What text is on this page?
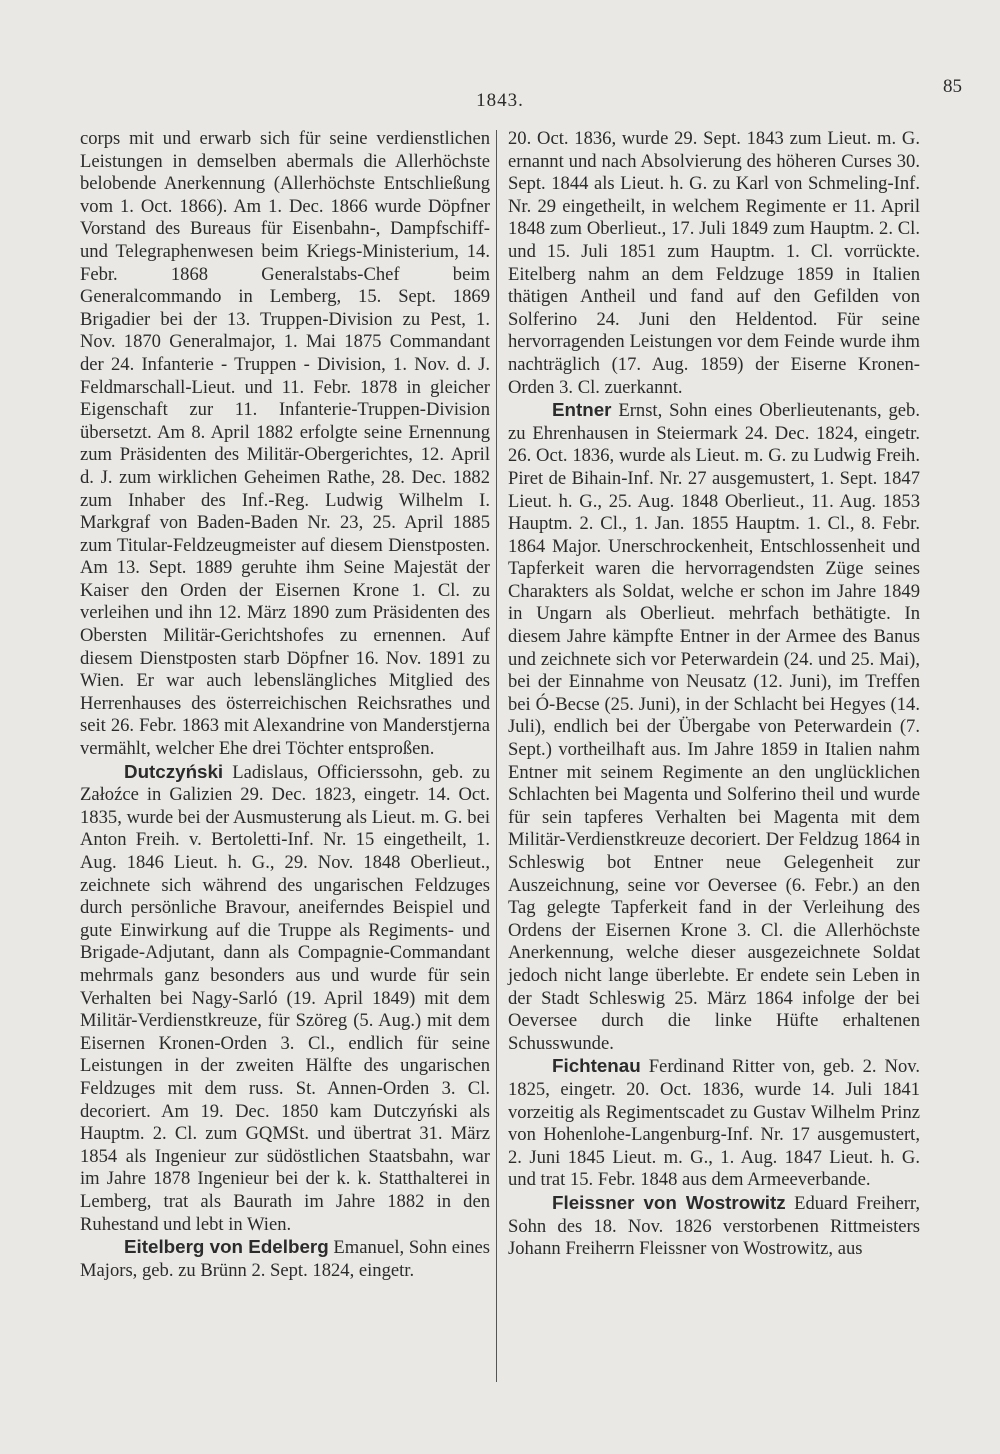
1843.
85

corps mit und erwarb sich für seine verdienstlichen Leistungen in demselben abermals die Allerhöchste belobende Anerkennung (Allerhöchste Entschließung vom 1. Oct. 1866). Am 1. Dec. 1866 wurde Döpfner Vorstand des Bureaus für Eisenbahn-, Dampfschiff- und Telegraphenwesen beim Kriegs-Ministerium, 14. Febr. 1868 Generalstabs-Chef beim Generalcommando in Lemberg, 15. Sept. 1869 Brigadier bei der 13. Truppen-Division zu Pest, 1. Nov. 1870 Generalmajor, 1. Mai 1875 Commandant der 24. Infanterie - Truppen - Division, 1. Nov. d. J. Feldmarschall-Lieut. und 11. Febr. 1878 in gleicher Eigenschaft zur 11. Infanterie-Truppen-Division übersetzt. Am 8. April 1882 erfolgte seine Ernennung zum Präsidenten des Militär-Obergerichtes, 12. April d. J. zum wirklichen Geheimen Rathe, 28. Dec. 1882 zum Inhaber des Inf.-Reg. Ludwig Wilhelm I. Markgraf von Baden-Baden Nr. 23, 25. April 1885 zum Titular-Feldzeugmeister auf diesem Dienstposten. Am 13. Sept. 1889 geruhte ihm Seine Majestät der Kaiser den Orden der Eisernen Krone 1. Cl. zu verleihen und ihn 12. März 1890 zum Präsidenten des Obersten Militär-Gerichtshofes zu ernennen. Auf diesem Dienstposten starb Döpfner 16. Nov. 1891 zu Wien. Er war auch lebenslängliches Mitglied des Herrenhauses des österreichischen Reichsrathes und seit 26. Febr. 1863 mit Alexandrine von Manderstjerna vermählt, welcher Ehe drei Töchter entsproßen.

Dutczyński Ladislaus, Officierssohn, geb. zu Załoźce in Galizien 29. Dec. 1823, eingetr. 14. Oct. 1835, wurde bei der Ausmusterung als Lieut. m. G. bei Anton Freih. v. Bertoletti-Inf. Nr. 15 eingetheilt, 1. Aug. 1846 Lieut. h. G., 29. Nov. 1848 Oberlieut., zeichnete sich während des ungarischen Feldzuges durch persönliche Bravour, aneiferndes Beispiel und gute Einwirkung auf die Truppe als Regiments- und Brigade-Adjutant, dann als Compagnie-Commandant mehrmals ganz besonders aus und wurde für sein Verhalten bei Nagy-Sarló (19. April 1849) mit dem Militär-Verdienstkreuze, für Szöreg (5. Aug.) mit dem Eisernen Kronen-Orden 3. Cl., endlich für seine Leistungen in der zweiten Hälfte des ungarischen Feldzuges mit dem russ. St. Annen-Orden 3. Cl. decoriert. Am 19. Dec. 1850 kam Dutczyński als Hauptm. 2. Cl. zum GQMSt. und übertrat 31. März 1854 als Ingenieur zur südöstlichen Staatsbahn, war im Jahre 1878 Ingenieur bei der k. k. Statthalterei in Lemberg, trat als Baurath im Jahre 1882 in den Ruhestand und lebt in Wien.

Eitelberg von Edelberg Emanuel, Sohn eines Majors, geb. zu Brünn 2. Sept. 1824, eingetr.

20. Oct. 1836, wurde 29. Sept. 1843 zum Lieut. m. G. ernannt und nach Absolvierung des höheren Curses 30. Sept. 1844 als Lieut. h. G. zu Karl von Schmeling-Inf. Nr. 29 eingetheilt, in welchem Regimente er 11. April 1848 zum Oberlieut., 17. Juli 1849 zum Hauptm. 2. Cl. und 15. Juli 1851 zum Hauptm. 1. Cl. vorrückte. Eitelberg nahm an dem Feldzuge 1859 in Italien thätigen Antheil und fand auf den Gefilden von Solferino 24. Juni den Heldentod. Für seine hervorragenden Leistungen vor dem Feinde wurde ihm nachträglich (17. Aug. 1859) der Eiserne Kronen-Orden 3. Cl. zuerkannt.

Entner Ernst, Sohn eines Oberlieutenants, geb. zu Ehrenhausen in Steiermark 24. Dec. 1824, eingetr. 26. Oct. 1836, wurde als Lieut. m. G. zu Ludwig Freih. Piret de Bihain-Inf. Nr. 27 ausgemustert, 1. Sept. 1847 Lieut. h. G., 25. Aug. 1848 Oberlieut., 11. Aug. 1853 Hauptm. 2. Cl., 1. Jan. 1855 Hauptm. 1. Cl., 8. Febr. 1864 Major. Unerschrockenheit, Entschlossenheit und Tapferkeit waren die hervorragendsten Züge seines Charakters als Soldat, welche er schon im Jahre 1849 in Ungarn als Oberlieut. mehrfach bethätigte. In diesem Jahre kämpfte Entner in der Armee des Banus und zeichnete sich vor Peterwardein (24. und 25. Mai), bei der Einnahme von Neusatz (12. Juni), im Treffen bei Ó-Becse (25. Juni), in der Schlacht bei Hegyes (14. Juli), endlich bei der Übergabe von Peterwardein (7. Sept.) vortheilhaft aus. Im Jahre 1859 in Italien nahm Entner mit seinem Regimente an den unglücklichen Schlachten bei Magenta und Solferino theil und wurde für sein tapferes Verhalten bei Magenta mit dem Militär-Verdienstkreuze decoriert. Der Feldzug 1864 in Schleswig bot Entner neue Gelegenheit zur Auszeichnung, seine vor Oeversee (6. Febr.) an den Tag gelegte Tapferkeit fand in der Verleihung des Ordens der Eisernen Krone 3. Cl. die Allerhöchste Anerkennung, welche dieser ausgezeichnete Soldat jedoch nicht lange überlebte. Er endete sein Leben in der Stadt Schleswig 25. März 1864 infolge der bei Oeversee durch die linke Hüfte erhaltenen Schusswunde.

Fichtenau Ferdinand Ritter von, geb. 2. Nov. 1825, eingetr. 20. Oct. 1836, wurde 14. Juli 1841 vorzeitig als Regimentscadet zu Gustav Wilhelm Prinz von Hohenlohe-Langenburg-Inf. Nr. 17 ausgemustert, 2. Juni 1845 Lieut. m. G., 1. Aug. 1847 Lieut. h. G. und trat 15. Febr. 1848 aus dem Armeeverbande.

Fleissner von Wostrowitz Eduard Freiherr, Sohn des 18. Nov. 1826 verstorbenen Rittmeisters Johann Freiherrn Fleissner von Wostrowitz, aus
